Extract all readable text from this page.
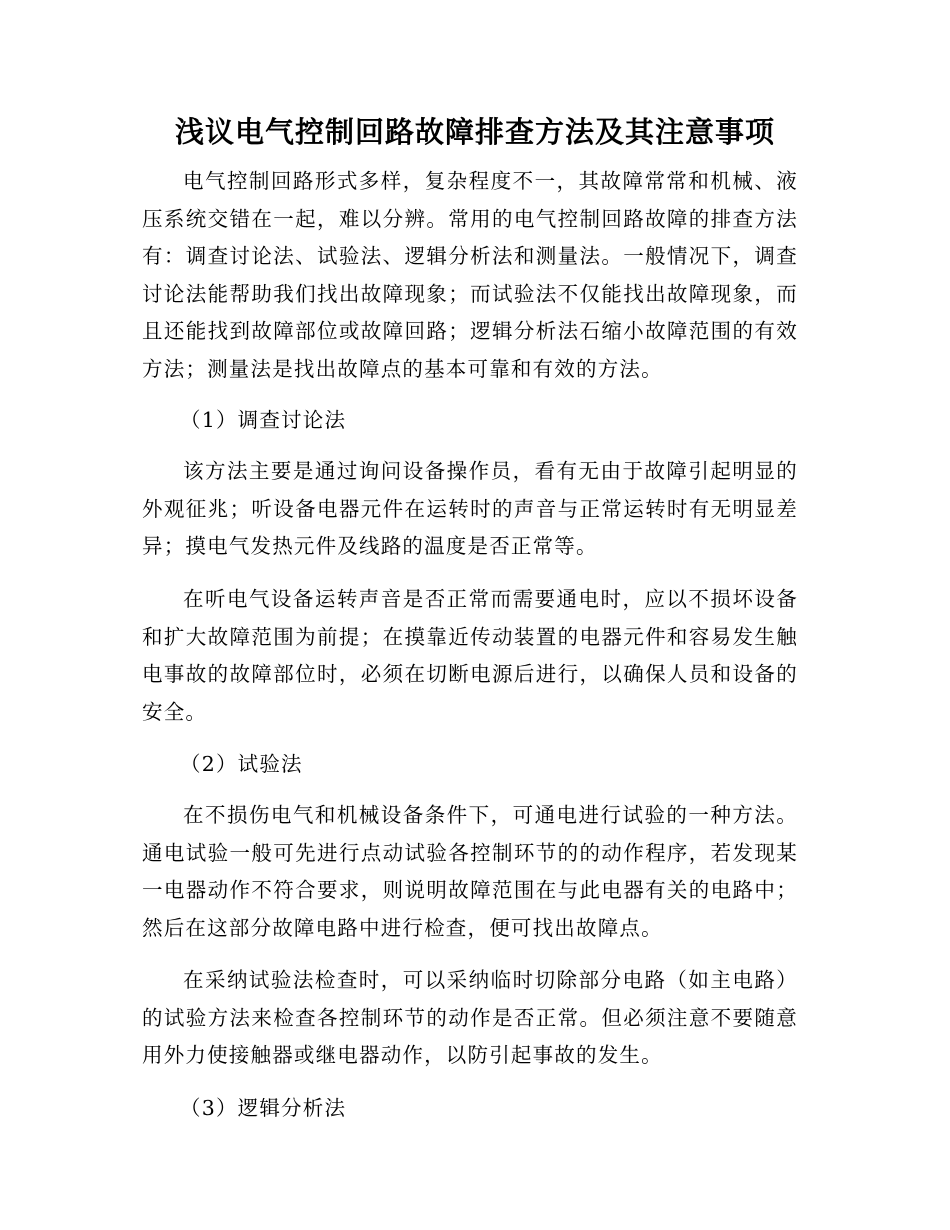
浅议电气控制回路故障排查方法及其注意事项
电气控制回路形式多样，复杂程度不一，其故障常常和机械、液压系统交错在一起，难以分辨。常用的电气控制回路故障的排查方法有：调查讨论法、试验法、逻辑分析法和测量法。一般情况下，调查讨论法能帮助我们找出故障现象；而试验法不仅能找出故障现象，而且还能找到故障部位或故障回路；逻辑分析法石缩小故障范围的有效方法；测量法是找出故障点的基本可靠和有效的方法。
（1）调查讨论法
该方法主要是通过询问设备操作员，看有无由于故障引起明显的外观征兆；听设备电器元件在运转时的声音与正常运转时有无明显差异；摸电气发热元件及线路的温度是否正常等。
在听电气设备运转声音是否正常而需要通电时，应以不损坏设备和扩大故障范围为前提；在摸靠近传动装置的电器元件和容易发生触电事故的故障部位时，必须在切断电源后进行，以确保人员和设备的安全。
（2）试验法
在不损伤电气和机械设备条件下，可通电进行试验的一种方法。通电试验一般可先进行点动试验各控制环节的的动作程序，若发现某一电器动作不符合要求，则说明故障范围在与此电器有关的电路中；然后在这部分故障电路中进行检查，便可找出故障点。
在采纳试验法检查时，可以采纳临时切除部分电路（如主电路）的试验方法来检查各控制环节的动作是否正常。但必须注意不要随意用外力使接触器或继电器动作，以防引起事故的发生。
（3）逻辑分析法
